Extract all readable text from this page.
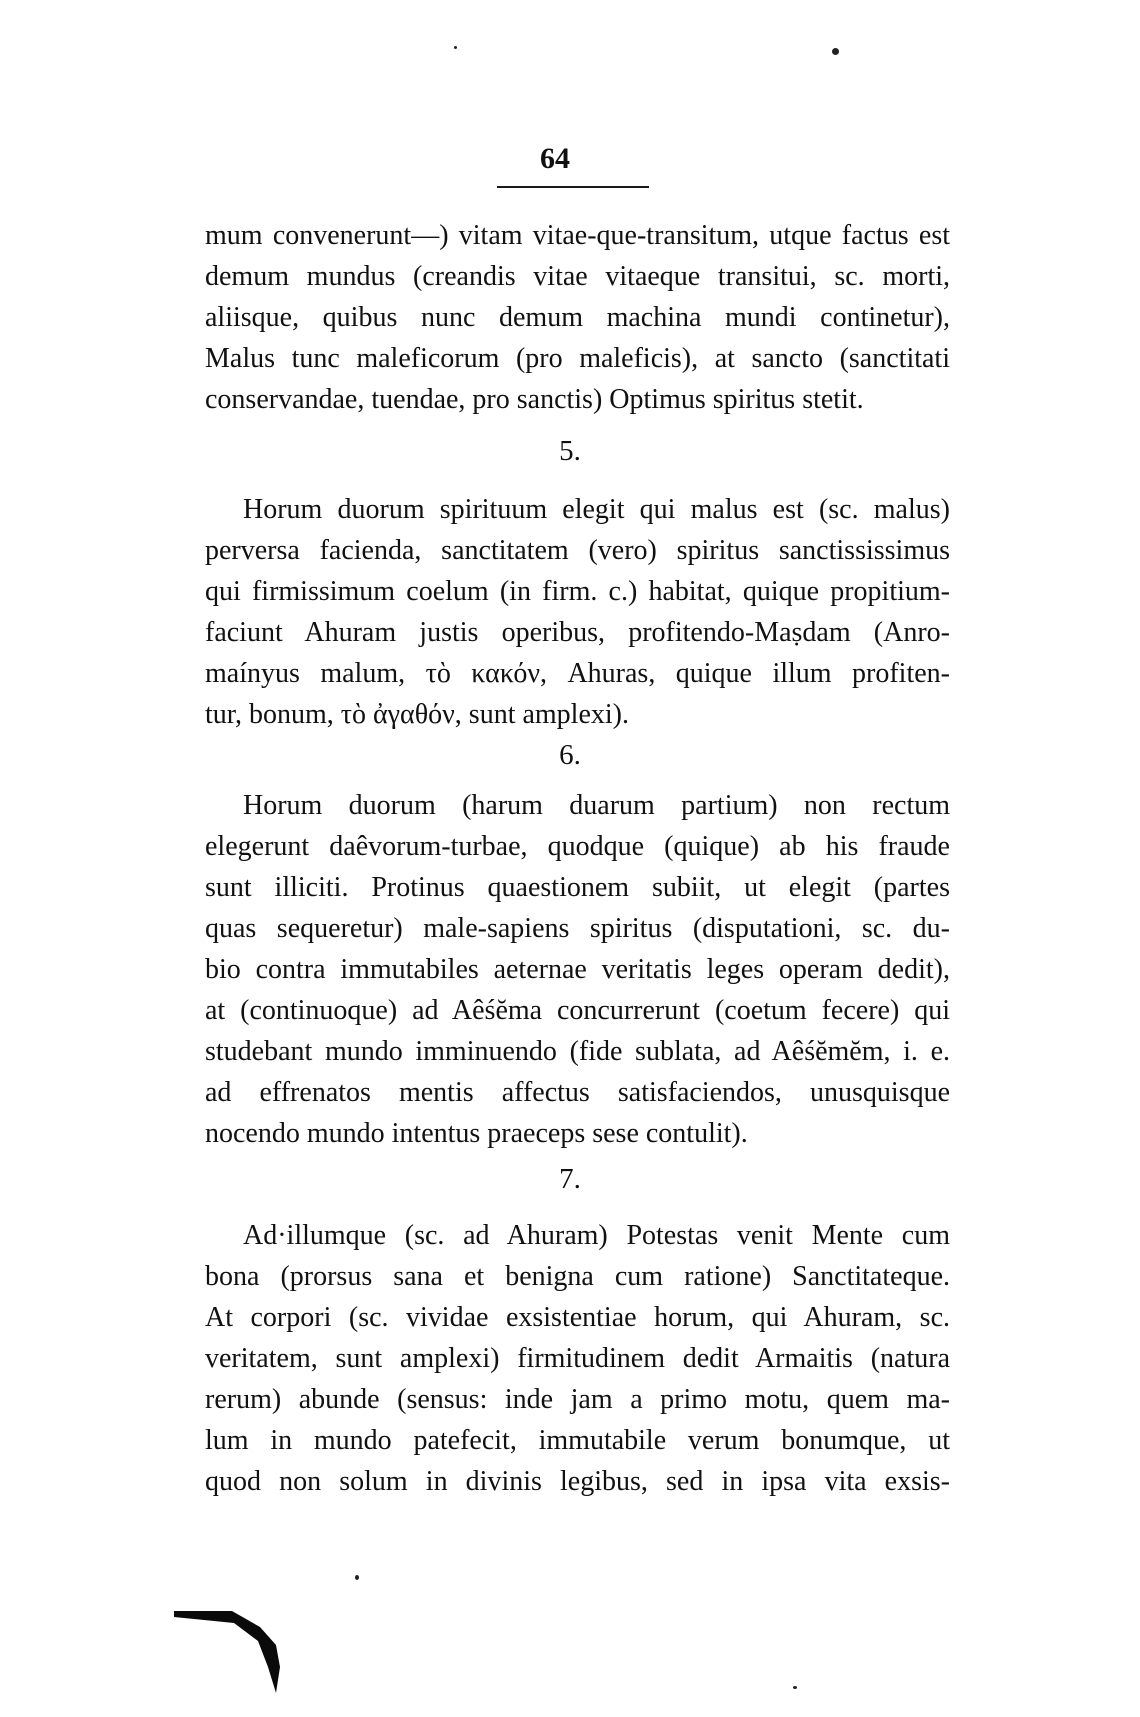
64
mum convenerunt—) vitam vitae-que-transitum, utque factus est
demum mundus (creandis vitae vitaeque transitui, sc. morti,
aliisque, quibus nunc demum machina mundi continetur),
Malus tunc maleficorum (pro maleficis), at sancto (sanctitati
conservandae, tuendae, pro sanctis) Optimus spiritus stetit.
5.
Horum duorum spirituum elegit qui malus est (sc. malus)
perversa facienda, sanctitatem (vero) spiritus sanctississimus
qui firmissimum coelum (in firm. c.) habitat, quique propitium-
faciunt Ahuram justis operibus, profitendo-Maṣdam (Anro-
maínyus malum, τὸ κακόν, Ahuras, quique illum profiten-
tur, bonum, τὸ ἀγαθόν, sunt amplexi).
6.
Horum duorum (harum duarum partium) non rectum
elegerunt daêvorum-turbae, quodque (quique) ab his fraude
sunt illiciti. Protinus quaestionem subiit, ut elegit (partes
quas sequeretur) male-sapiens spiritus (disputationi, sc. du-
bio contra immutabiles aeternae veritatis leges operam dedit),
at (continuoque) ad Aêśĕma concurrerunt (coetum fecere) qui
studebant mundo imminuendo (fide sublata, ad Aêśĕmĕm, i. e.
ad effrenatos mentis affectus satisfaciendos, unusquisque
nocendo mundo intentus praeceps sese contulit).
7.
Ad·illumque (sc. ad Ahuram) Potestas venit Mente cum
bona (prorsus sana et benigna cum ratione) Sanctitateque.
At corpori (sc. vividae exsistentiae horum, qui Ahuram, sc.
veritatem, sunt amplexi) firmitudinem dedit Armaitis (natura
rerum) abunde (sensus: inde jam a primo motu, quem ma-
lum in mundo patefecit, immutabile verum bonumque, ut
quod non solum in divinis legibus, sed in ipsa vita exsis-
